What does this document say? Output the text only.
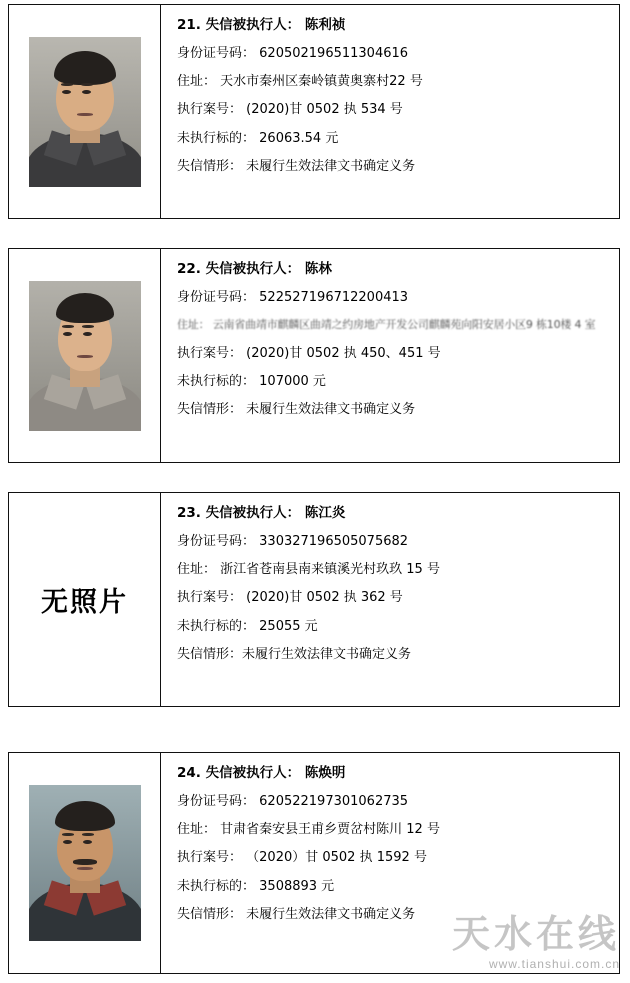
21. 失信被执行人： 陈利祯
身份证号码： 620502196511304616
住址： 天水市秦州区秦岭镇黄奥寨村22 号
执行案号： (2020)甘 0502 执 534 号
未执行标的： 26063.54 元
失信情形： 未履行生效法律文书确定义务
22. 失信被执行人： 陈林
身份证号码： 522527196712200413
住址： 云南省曲靖市麒麟区曲靖之约房地产开发公司麒麟苑向阳安居小区9 栋10楼 4 室
执行案号： (2020)甘 0502 执 450、451 号
未执行标的： 107000 元
失信情形： 未履行生效法律文书确定义务
无照片
23. 失信被执行人： 陈江炎
身份证号码： 330327196505075682
住址： 浙江省苍南县南来镇溪光村玖玖 15 号
执行案号： (2020)甘 0502 执 362 号
未执行标的： 25055 元
失信情形：未履行生效法律文书确定义务
24. 失信被执行人： 陈焕明
身份证号码： 620522197301062735
住址： 甘肃省秦安县王甫乡贾岔村陈川 12 号
执行案号： （2020）甘 0502 执 1592 号
未执行标的： 3508893 元
失信情形： 未履行生效法律文书确定义务 天水在线
www.tianshui.com.cn
